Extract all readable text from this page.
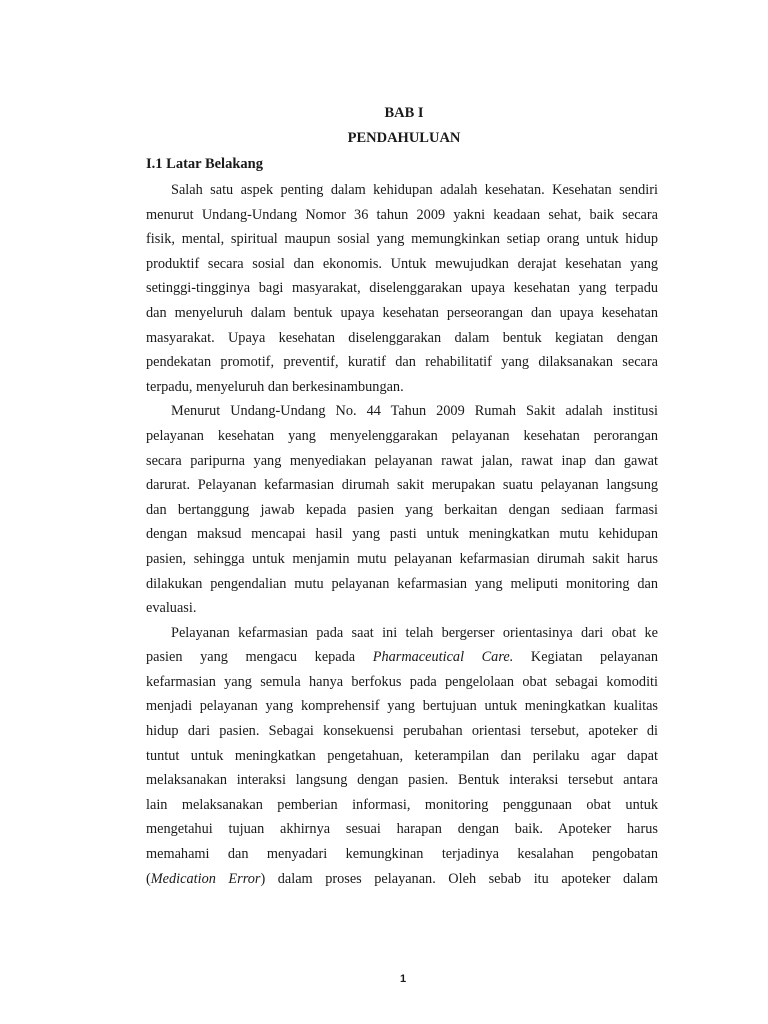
BAB I
PENDAHULUAN
I.1 Latar Belakang
Salah satu aspek penting dalam kehidupan adalah kesehatan. Kesehatan sendiri
menurut Undang-Undang Nomor 36 tahun 2009 yakni keadaan sehat, baik secara
fisik, mental, spiritual maupun sosial yang memungkinkan setiap orang untuk hidup
produktif secara sosial dan ekonomis. Untuk mewujudkan derajat kesehatan yang
setinggi-tingginya bagi masyarakat, diselenggarakan upaya kesehatan yang terpadu
dan menyeluruh dalam bentuk upaya kesehatan perseorangan dan upaya kesehatan
masyarakat. Upaya kesehatan diselenggarakan dalam bentuk kegiatan dengan
pendekatan promotif, preventif, kuratif dan rehabilitatif yang dilaksanakan secara
terpadu, menyeluruh dan berkesinambungan.
Menurut Undang-Undang No. 44 Tahun 2009 Rumah Sakit adalah institusi
pelayanan kesehatan yang menyelenggarakan pelayanan kesehatan perorangan
secara paripurna yang menyediakan pelayanan rawat jalan, rawat inap dan gawat
darurat. Pelayanan kefarmasian dirumah sakit merupakan suatu pelayanan langsung
dan bertanggung jawab kepada pasien yang berkaitan dengan sediaan farmasi
dengan maksud mencapai hasil yang pasti untuk meningkatkan mutu kehidupan
pasien, sehingga untuk menjamin mutu pelayanan kefarmasian dirumah sakit harus
dilakukan pengendalian mutu pelayanan kefarmasian yang meliputi monitoring dan
evaluasi.
Pelayanan kefarmasian pada saat ini telah bergerser orientasinya dari obat ke
pasien yang mengacu kepada Pharmaceutical Care. Kegiatan pelayanan
kefarmasian yang semula hanya berfokus pada pengelolaan obat sebagai komoditi
menjadi pelayanan yang komprehensif yang bertujuan untuk meningkatkan kualitas
hidup dari pasien. Sebagai konsekuensi perubahan orientasi tersebut, apoteker di
tuntut untuk meningkatkan pengetahuan, keterampilan dan perilaku agar dapat
melaksanakan interaksi langsung dengan pasien. Bentuk interaksi tersebut antara
lain melaksanakan pemberian informasi, monitoring penggunaan obat untuk
mengetahui tujuan akhirnya sesuai harapan dengan baik. Apoteker harus
memahami dan menyadari kemungkinan terjadinya kesalahan pengobatan
(Medication Error) dalam proses pelayanan. Oleh sebab itu apoteker dalam
1
